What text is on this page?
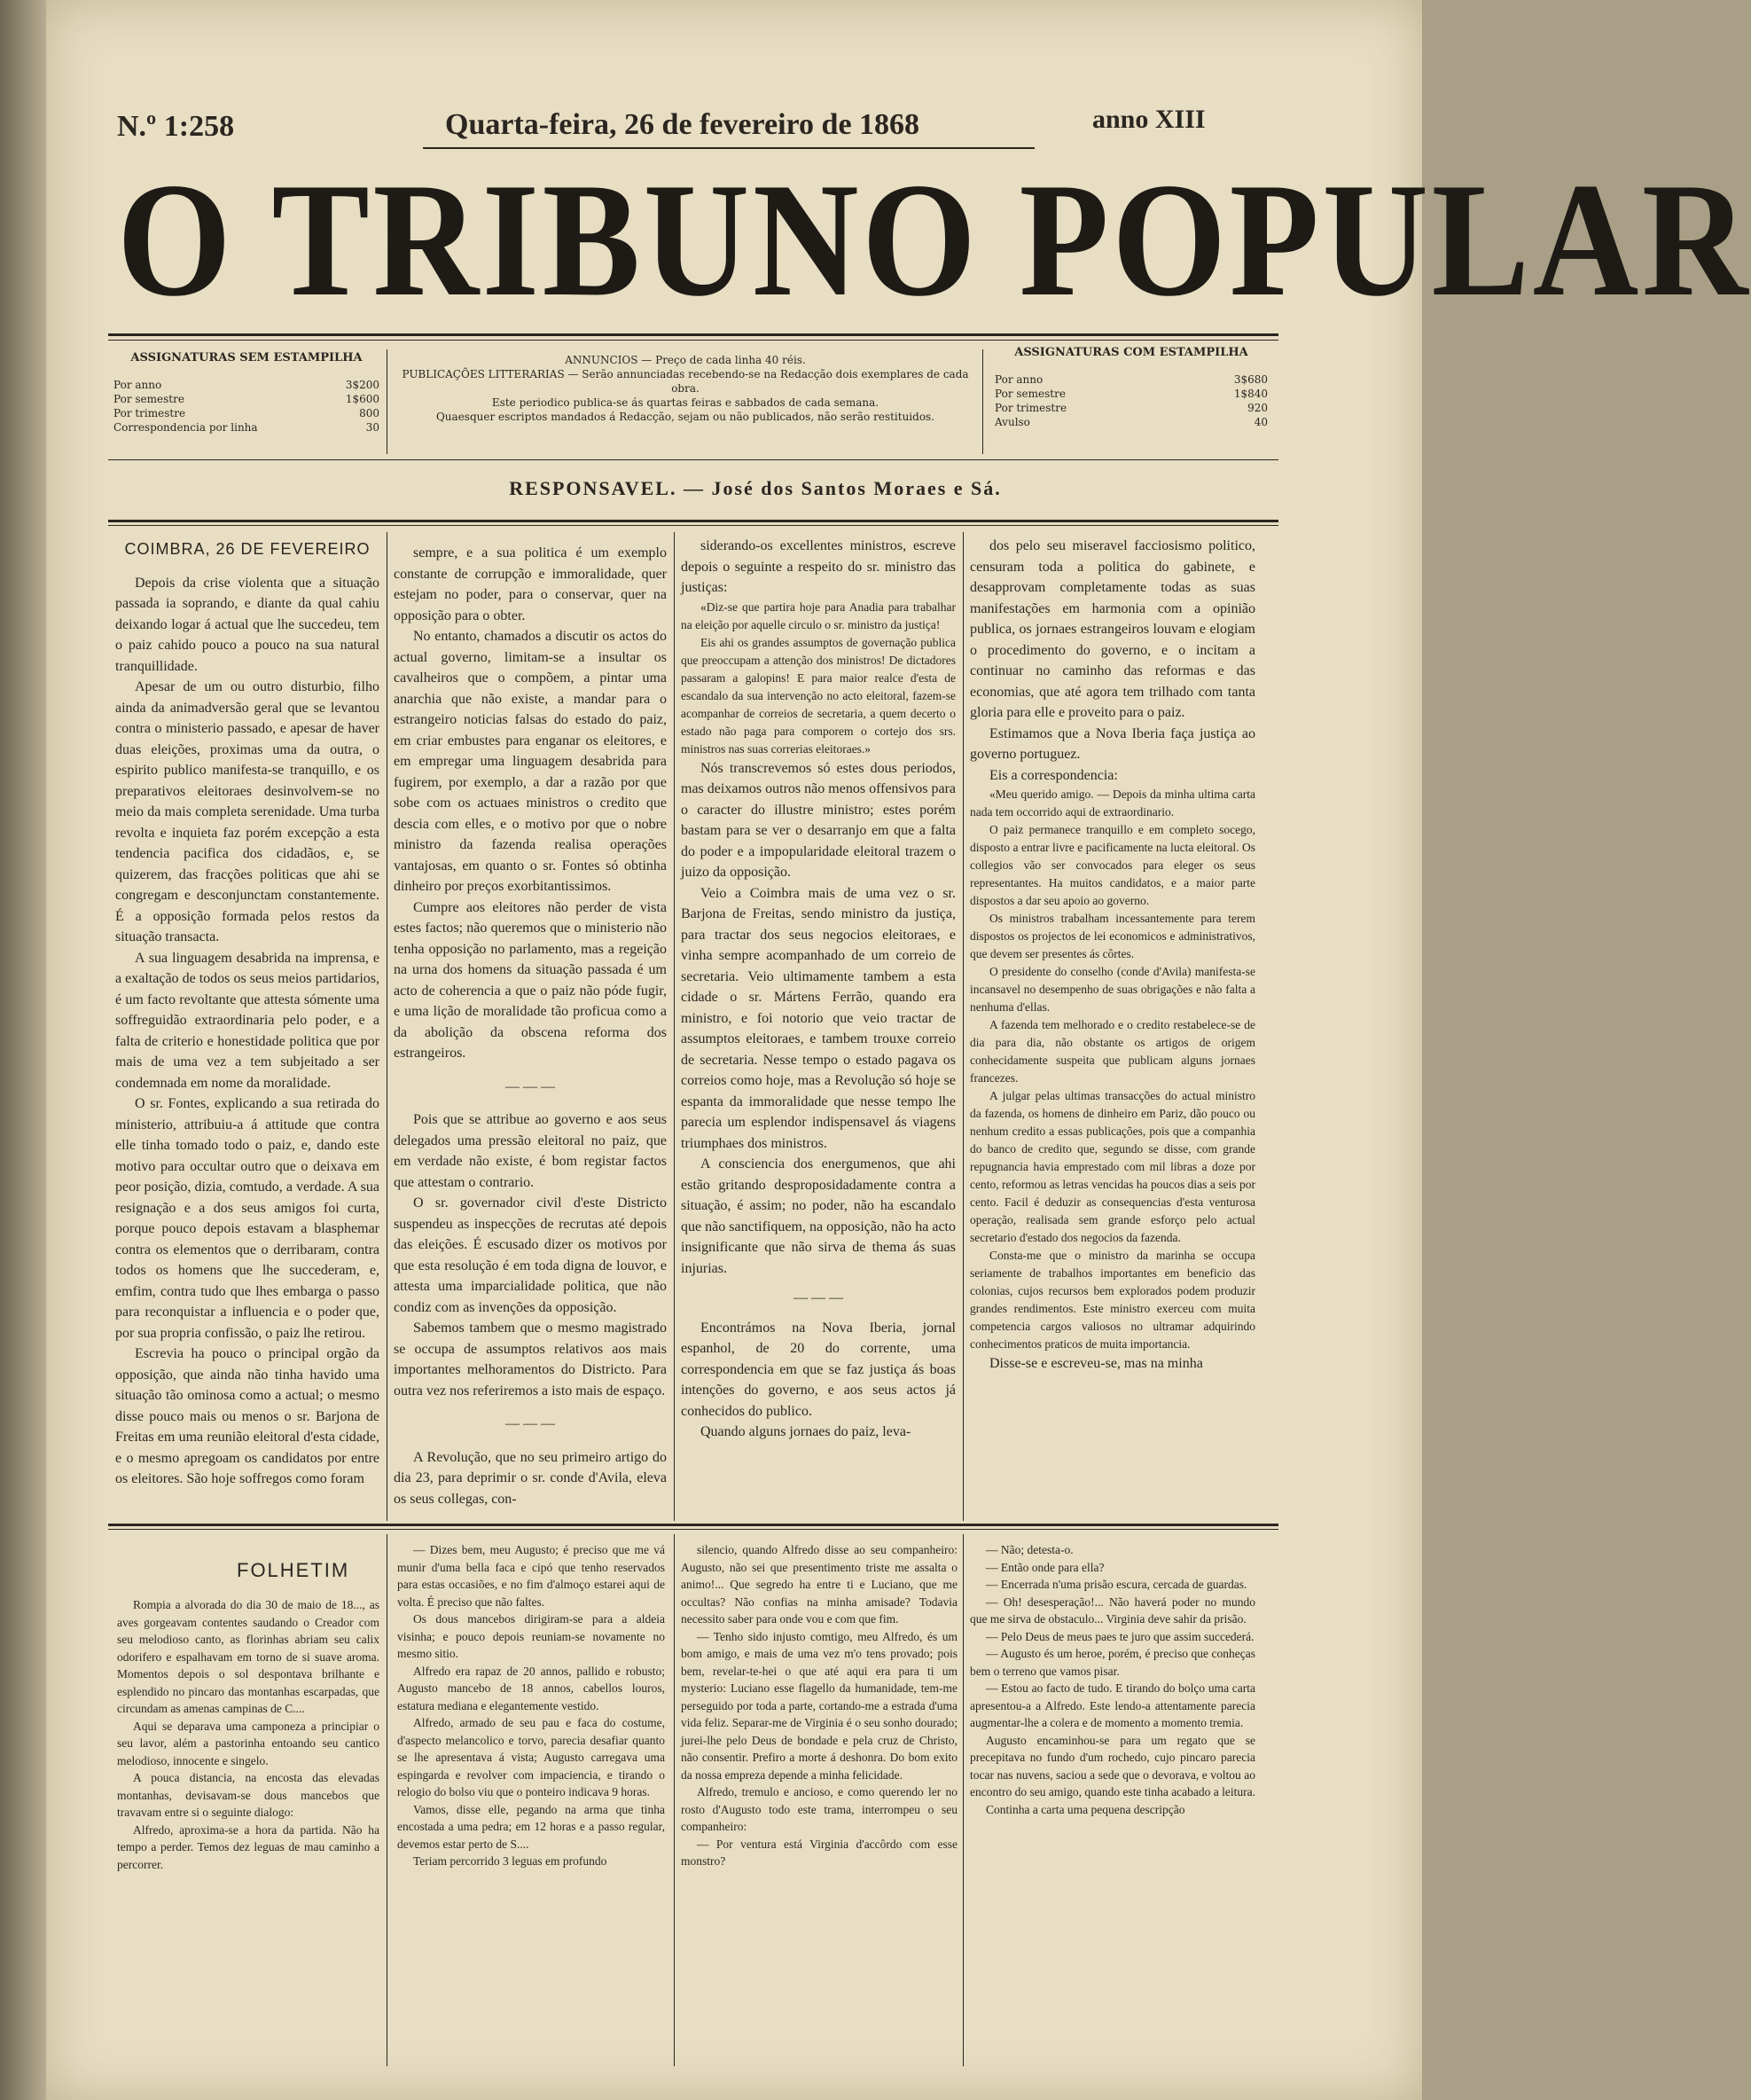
N.º 1:258	Quarta-feira, 26 de fevereiro de 1868	anno XIII
O TRIBUNO POPULAR
ASSIGNATURAS SEM ESTAMPILHA
Por anno	3$200
Por semestre	1$600
Por trimestre	800
Correspondencia por linha	30
ANNUNCIOS — Preço de cada linha 40 réis.
PUBLICAÇÕES LITTERARIAS — Serão annunciadas recebendo-se na Redacção dois exemplares de cada obra.
Este periodico publica-se ás quartas feiras e sabbados de cada semana.
Quaesquer escriptos mandados á Redacção, sejam ou não publicados, não serão restituidos.
ASSIGNATURAS COM ESTAMPILHA
Por anno	3$680
Por semestre	1$840
Por trimestre	920
Avulso	40
RESPONSAVEL. — José dos Santos Moraes e Sá.
COIMBRA, 26 DE FEVEREIRO

Depois da crise violenta que a situação passada ia soprando, e diante da qual cahiu deixando logar á actual que lhe succedeu, tem o paiz cahido pouco a pouco na sua natural tranquillidade.

Apesar de um ou outro disturbio, filho ainda da animadversão geral que se levantou contra o ministerio passado, e apesar de haver duas eleições, proximas uma da outra, o espirito publico manifesta-se tranquillo, e os preparativos eleitoraes desinvolvem-se no meio da mais completa serenidade. Uma turba revolta e inquieta faz porém excepção a esta tendencia pacifica dos cidadãos, e, se quizerem, das fracções politicas que ahi se congregam e desconjunctam constantemente. É a opposição formada pelos restos da situação transacta.

A sua linguagem desabrida na imprensa, e a exaltação de todos os seus meios partidarios, é um facto revoltante que attesta sómente uma soffreguidão extraordinaria pelo poder, e a falta de criterio e honestidade politica que por mais de uma vez a tem subjeitado a ser condemnada em nome da moralidade.

O sr. Fontes, explicando a sua retirada do ministerio, attribuiu-a á attitude que contra elle tinha tomado todo o paiz, e, dando este motivo para occultar outro que o deixava em peor posição, dizia, comtudo, a verdade. A sua resignação e a dos seus amigos foi curta, porque pouco depois estavam a blasphemar contra os elementos que o derribaram, contra todos os homens que lhe succederam, e, emfim, contra tudo que lhes embarga o passo para reconquistar a influencia e o poder que, por sua propria confissão, o paiz lhe retirou.

Escrevia ha pouco o principal orgão da opposição, que ainda não tinha havido uma situação tão ominosa como a actual; o mesmo disse pouco mais ou menos o sr. Barjona de Freitas em uma reunião eleitoral d'esta cidade, e o mesmo apregoam os candidatos por entre os eleitores. São hoje soffregos como foram

sempre, e a sua politica é um exemplo constante de corrupção e immoralidade, quer estejam no poder, para o conservar, quer na opposição para o obter.

No entanto, chamados a discutir os actos do actual governo, limitam-se a insultar os cavalheiros que o compõem, a pintar uma anarchia que não existe, a mandar para o estrangeiro noticias falsas do estado do paiz, em criar embustes para enganar os eleitores, e em empregar uma linguagem desabrida para fugirem, por exemplo, a dar a razão por que sobe com os actuaes ministros o credito que descia com elles, e o motivo por que o nobre ministro da fazenda realisa operações vantajosas, em quanto o sr. Fontes só obtinha dinheiro por preços exorbitantissimos.

Cumpre aos eleitores não perder de vista estes factos; não queremos que o ministerio não tenha opposição no parlamento, mas a regeição na urna dos homens da situação passada é um acto de coherencia a que o paiz não póde fugir, e uma lição de moralidade tão proficua como a da abolição da obscena reforma dos estrangeiros.

— — —

Pois que se attribue ao governo e aos seus delegados uma pressão eleitoral no paiz, que em verdade não existe, é bom registar factos que attestam o contrario.

O sr. governador civil d'este Districto suspendeu as inspecções de recrutas até depois das eleições. É escusado dizer os motivos por que esta resolução é em toda digna de louvor, e attesta uma imparcialidade politica, que não condiz com as invenções da opposição.

Sabemos tambem que o mesmo magistrado se occupa de assumptos relativos aos mais importantes melhoramentos do Districto. Para outra vez nos referiremos a isto mais de espaço.

— — —

A Revolução, que no seu primeiro artigo do dia 23, para deprimir o sr. conde d'Avila, eleva os seus collegas, con-

siderando-os excellentes ministros, escreve depois o seguinte a respeito do sr. ministro das justiças:

«Diz-se que partira hoje para Anadia para trabalhar na eleição por aquelle circulo o sr. ministro da justiça!

Eis ahi os grandes assumptos de governação publica que preoccupam a attenção dos ministros! De dictadores passaram a galopins! E para maior realce d'esta de escandalo da sua intervenção no acto eleitoral, fazem-se acompanhar de correios de secretaria, a quem decerto o estado não paga para comporem o cortejo dos srs. ministros nas suas correrias eleitoraes.»

Nós transcrevemos só estes dous periodos, mas deixamos outros não menos offensivos para o caracter do illustre ministro; estes porém bastam para se ver o desarranjo em que a falta do poder e a impopularidade eleitoral trazem o juizo da opposição.

Veio a Coimbra mais de uma vez o sr. Barjona de Freitas, sendo ministro da justiça, para tractar dos seus negocios eleitoraes, e vinha sempre acompanhado de um correio de secretaria. Veio ultimamente tambem a esta cidade o sr. Mártens Ferrão, quando era ministro, e foi notorio que veio tractar de assumptos eleitoraes, e tambem trouxe correio de secretaria. Nesse tempo o estado pagava os correios como hoje, mas a Revolução só hoje se espanta da immoralidade que nesse tempo lhe parecia um esplendor indispensavel ás viagens triumphaes dos ministros.

A consciencia dos energumenos, que ahi estão gritando desproposidadamente contra a situação, é assim; no poder, não ha escandalo que não sanctifiquem, na opposição, não ha acto insignificante que não sirva de thema ás suas injurias.

— — —

Encontrámos na Nova Iberia, jornal espanhol, de 20 do corrente, uma correspondencia em que se faz justiça ás boas intenções do governo, e aos seus actos já conhecidos do publico.

Quando alguns jornaes do paiz, leva-

dos pelo seu miseravel facciosismo politico, censuram toda a politica do gabinete, e desapprovam completamente todas as suas manifestações em harmonia com a opinião publica, os jornaes estrangeiros louvam e elogiam o procedimento do governo, e o incitam a continuar no caminho das reformas e das economias, que até agora tem trilhado com tanta gloria para elle e proveito para o paiz.

Estimamos que a Nova Iberia faça justiça ao governo portuguez.

Eis a correspondencia:

«Meu querido amigo. — Depois da minha ultima carta nada tem occorrido aqui de extraordinario.

O paiz permanece tranquillo e em completo socego, disposto a entrar livre e pacificamente na lucta eleitoral. Os collegios vão ser convocados para eleger os seus representantes. Ha muitos candidatos, e a maior parte dispostos a dar seu apoio ao governo.

Os ministros trabalham incessantemente para terem dispostos os projectos de lei economicos e administrativos, que devem ser presentes ás côrtes.

O presidente do conselho (conde d'Avila) manifesta-se incansavel no desempenho de suas obrigações e não falta a nenhuma d'ellas.

A fazenda tem melhorado e o credito restabelece-se de dia para dia, não obstante os artigos de origem conhecidamente suspeita que publicam alguns jornaes francezes.

A julgar pelas ultimas transacções do actual ministro da fazenda, os homens de dinheiro em Pariz, dão pouco ou nenhum credito a essas publicações, pois que a companhia do banco de credito que, segundo se disse, com grande repugnancia havia emprestado com mil libras a doze por cento, reformou as letras vencidas ha poucos dias a seis por cento. Facil é deduzir as consequencias d'esta venturosa operação, realisada sem grande esforço pelo actual secretario d'estado dos negocios da fazenda.

Consta-me que o ministro da marinha se occupa seriamente de trabalhos importantes em beneficio das colonias, cujos recursos bem explorados podem produzir grandes rendimentos. Este ministro exerceu com muita competencia cargos valiosos no ultramar adquirindo conhecimentos praticos de muita importancia.

Disse-se e escreveu-se, mas na minha

FOLHETIM

Rompia a alvorada do dia 30 de maio de 18..., as aves gorgeavam contentes saudando o Creador com seu melodioso canto, as florinhas abriam seu calix odorifero e espalhavam em torno de si suave aroma. Momentos depois o sol despontava brilhante e esplendido no pincaro das montanhas escarpadas, que circundam as amenas campinas de C....

Aqui se deparava uma camponeza a principiar o seu lavor, além a pastorinha entoando seu cantico melodioso, innocente e singelo.

A pouca distancia, na encosta das elevadas montanhas, devisavam-se dous mancebos que travavam entre si o seguinte dialogo:

Alfredo, aproxima-se a hora da partida. Não ha tempo a perder. Temos dez leguas de mau caminho a percorrer.

— Dizes bem, meu Augusto; é preciso que me vá munir d'uma bella faca e cipó que tenho reservados para estas occasiões, e no fim d'almoço estarei aqui de volta. É preciso que não faltes.

Os dous mancebos dirigiram-se para a aldeia visinha; e pouco depois reuniam-se novamente no mesmo sitio.

Alfredo era rapaz de 20 annos, pallido e robusto; Augusto mancebo de 18 annos, cabellos louros, estatura mediana e elegantemente vestido.

Alfredo, armado de seu pau e faca do costume, d'aspecto melancolico e torvo, parecia desafiar quanto se lhe apresentava á vista; Augusto carregava uma espingarda e revolver com impaciencia, e tirando o relogio do bolso viu que o ponteiro indicava 9 horas.

Vamos, disse elle, pegando na arma que tinha encostada a uma pedra; em 12 horas e a passo regular, devemos estar perto de S....

Teriam percorrido 3 leguas em profundo

silencio, quando Alfredo disse ao seu companheiro: Augusto, não sei que presentimento triste me assalta o animo!... Que segredo ha entre ti e Luciano, que me occultas? Não confias na minha amisade? Todavia necessito saber para onde vou e com que fim.

— Tenho sido injusto comtigo, meu Alfredo, és um bom amigo, e mais de uma vez m'o tens provado; pois bem, revelar-te-hei o que até aqui era para ti um mysterio: Luciano esse flagello da humanidade, tem-me perseguido por toda a parte, cortando-me a estrada d'uma vida feliz. Separar-me de Virginia é o seu sonho dourado; jurei-lhe pelo Deus de bondade e pela cruz de Christo, não consentir. Prefiro a morte á deshonra. Do bom exito da nossa empreza depende a minha felicidade.

Alfredo, tremulo e ancioso, e como querendo ler no rosto d'Augusto todo este trama, interrompeu o seu companheiro:

— Por ventura está Virginia d'accôrdo com esse monstro?

— Não; detesta-o.

— Então onde para ella?

— Encerrada n'uma prisão escura, cercada de guardas.

— Oh! desesperação!... Não haverá poder no mundo que me sirva de obstaculo... Virginia deve sahir da prisão.

— Pelo Deus de meus paes te juro que assim succederá.

— Augusto és um heroe, porém, é preciso que conheças bem o terreno que vamos pisar.

— Estou ao facto de tudo. E tirando do bolço uma carta apresentou-a a Alfredo. Este lendo-a attentamente parecia augmentar-lhe a colera e de momento a momento tremia.

Augusto encaminhou-se para um regato que se precepitava no fundo d'um rochedo, cujo pincaro parecia tocar nas nuvens, saciou a sede que o devorava, e voltou ao encontro do seu amigo, quando este tinha acabado a leitura.

Continha a carta uma pequena descripção
